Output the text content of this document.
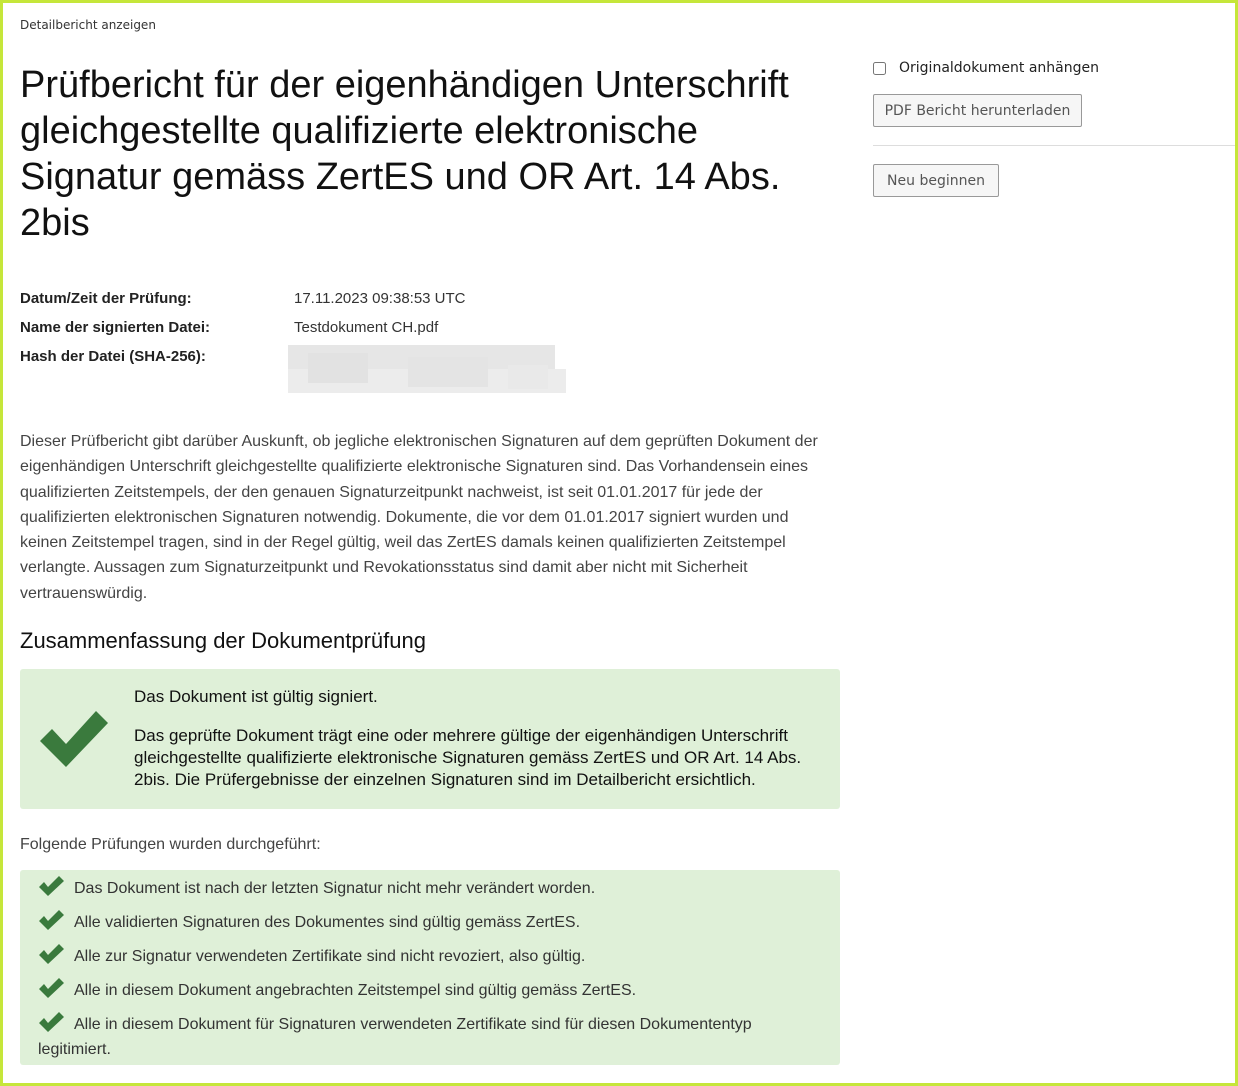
Detailbericht anzeigen
Prüfbericht für der eigenhändigen Unterschrift gleichgestellte qualifizierte elektronische Signatur gemäss ZertES und OR Art. 14 Abs. 2bis
Datum/Zeit der Prüfung:	17.11.2023 09:38:53 UTC
Name der signierten Datei:	Testdokument CH.pdf
Hash der Datei (SHA-256):

Dieser Prüfbericht gibt darüber Auskunft, ob jegliche elektronischen Signaturen auf dem geprüften Dokument der eigenhändigen Unterschrift gleichgestellte qualifizierte elektronische Signaturen sind. Das Vorhandensein eines qualifizierten Zeitstempels, der den genauen Signaturzeitpunkt nachweist, ist seit 01.01.2017 für jede der qualifizierten elektronischen Signaturen notwendig. Dokumente, die vor dem 01.01.2017 signiert wurden und keinen Zeitstempel tragen, sind in der Regel gültig, weil das ZertES damals keinen qualifizierten Zeitstempel verlangte. Aussagen zum Signaturzeitpunkt und Revokationsstatus sind damit aber nicht mit Sicherheit vertrauenswürdig.

Zusammenfassung der Dokumentprüfung
Das Dokument ist gültig signiert.
Das geprüfte Dokument trägt eine oder mehrere gültige der eigenhändigen Unterschrift gleichgestellte qualifizierte elektronische Signaturen gemäss ZertES und OR Art. 14 Abs. 2bis. Die Prüfergebnisse der einzelnen Signaturen sind im Detailbericht ersichtlich.
Folgende Prüfungen wurden durchgeführt:
Das Dokument ist nach der letzten Signatur nicht mehr verändert worden.
Alle validierten Signaturen des Dokumentes sind gültig gemäss ZertES.
Alle zur Signatur verwendeten Zertifikate sind nicht revoziert, also gültig.
Alle in diesem Dokument angebrachten Zeitstempel sind gültig gemäss ZertES.
Alle in diesem Dokument für Signaturen verwendeten Zertifikate sind für diesen Dokumententyp legitimiert.
Originaldokument anhängen
PDF Bericht herunterladen
Neu beginnen
